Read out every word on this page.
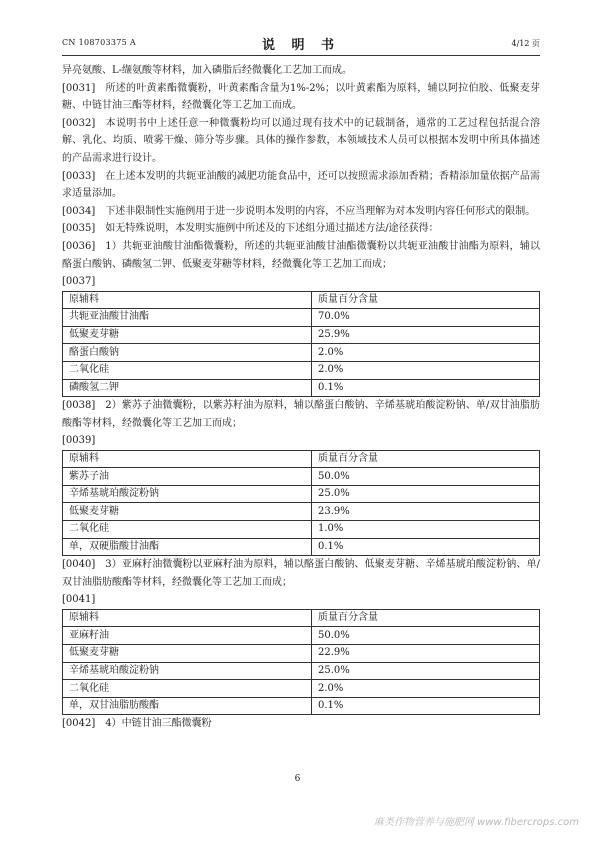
CN 108703375 A	说 明 书	4/12 页

异亮氨酸、L-缬氨酸等材料，加入磷脂后经微囊化工艺加工而成。

[0031] 所述的叶黄素酯微囊粉，叶黄素酯含量为1%-2%；以叶黄素酯为原料，辅以阿拉伯胶、低聚麦芽糖、中链甘油三酯等材料，经微囊化等工艺加工而成。

[0032] 本说明书中上述任意一种微囊粉均可以通过现有技术中的记载制备，通常的工艺过程包括混合溶解、乳化、均质、喷雾干燥、筛分等步骤。具体的操作参数，本领域技术人员可以根据本发明中所具体描述的产品需求进行设计。

[0033] 在上述本发明的共轭亚油酸的减肥功能食品中，还可以按照需求添加香精；香精添加量依据产品需求适量添加。

[0034] 下述非限制性实施例用于进一步说明本发明的内容，不应当理解为对本发明内容任何形式的限制。

[0035] 如无特殊说明，本发明实施例中所述及的下述组分通过描述方法/途径获得：

[0036] 1）共轭亚油酸甘油酯微囊粉，所述的共轭亚油酸甘油酯微囊粉以共轭亚油酸甘油酯为原料，辅以酪蛋白酸钠、磷酸氢二钾、低聚麦芽糖等材料，经微囊化等工艺加工而成；

[0037]

原辅料	质量百分含量
共轭亚油酸甘油酯	70.0%
低聚麦芽糖	25.9%
酪蛋白酸钠	2.0%
二氧化硅	2.0%
磷酸氢二钾	0.1%

[0038] 2）紫苏子油微囊粉，以紫苏籽油为原料，辅以酪蛋白酸钠、辛烯基琥珀酸淀粉钠、单/双甘油脂肪酸酯等材料，经微囊化等工艺加工而成；

[0039]

原辅料	质量百分含量
紫苏子油	50.0%
辛烯基琥珀酸淀粉钠	25.0%
低聚麦芽糖	23.9%
二氧化硅	1.0%
单，双硬脂酸甘油酯	0.1%

[0040] 3）亚麻籽油微囊粉以亚麻籽油为原料，辅以酪蛋白酸钠、低聚麦芽糖、辛烯基琥珀酸淀粉钠、单/双甘油脂肪酸酯等材料，经微囊化等工艺加工而成；

[0041]

原辅料	质量百分含量
亚麻籽油	50.0%
低聚麦芽糖	22.9%
辛烯基琥珀酸淀粉钠	25.0%
二氧化硅	2.0%
单，双甘油脂肪酸酯	0.1%

[0042] 4）中链甘油三酯微囊粉

6
麻类作物营养与施肥网 www.fibercrops.com
